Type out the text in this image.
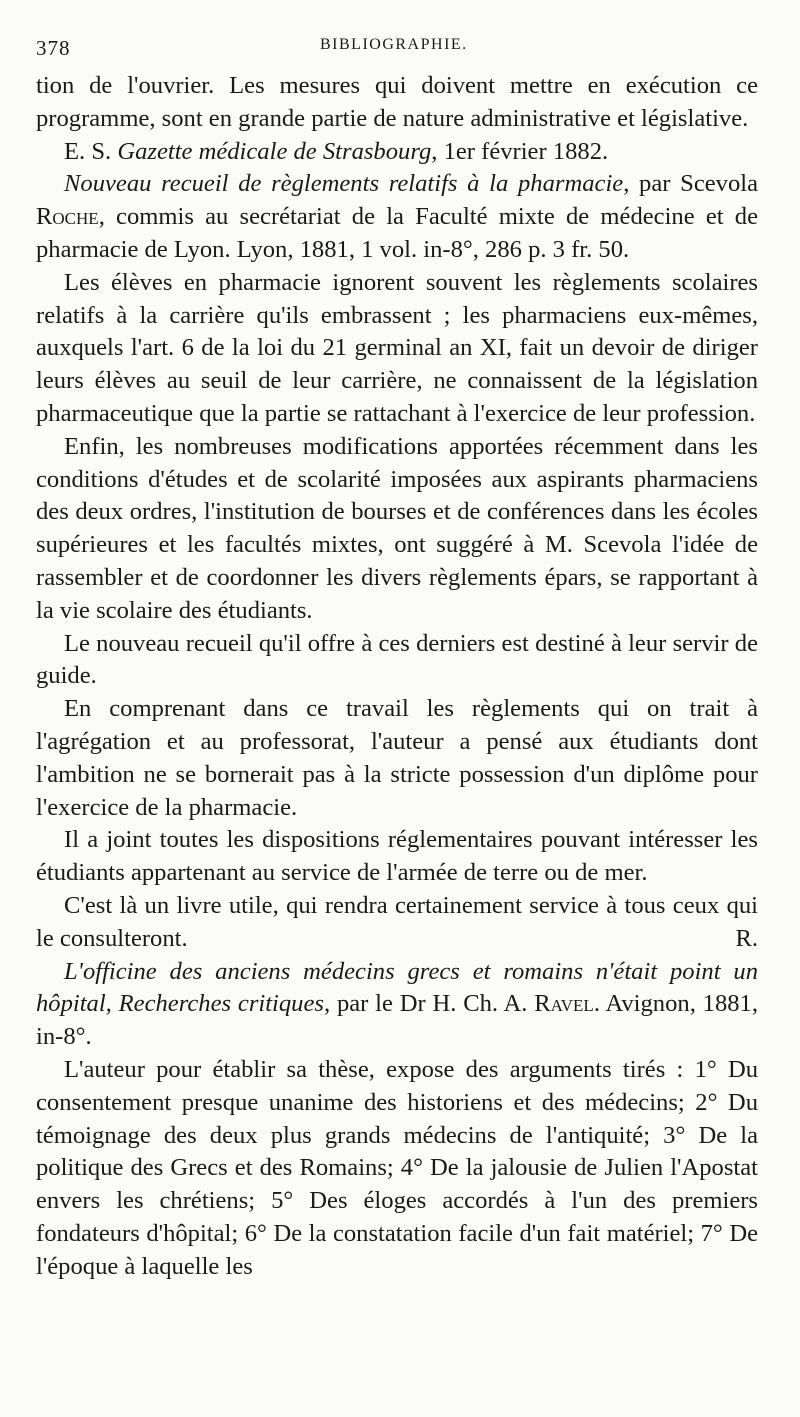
378	BIBLIOGRAPHIE.

tion de l'ouvrier. Les mesures qui doivent mettre en exécution ce programme, sont en grande partie de nature administrative et législative.

E. S. Gazette médicale de Strasbourg, 1er février 1882.

Nouveau recueil de règlements relatifs à la pharmacie, par Scevola Roche, commis au secrétariat de la Faculté mixte de médecine et de pharmacie de Lyon. Lyon, 1881, 1 vol. in-8°, 286 p. 3 fr. 50.

Les élèves en pharmacie ignorent souvent les règlements scolaires relatifs à la carrière qu'ils embrassent ; les pharmaciens eux-mêmes, auxquels l'art. 6 de la loi du 21 germinal an XI, fait un devoir de diriger leurs élèves au seuil de leur carrière, ne connaissent de la législation pharmaceutique que la partie se rattachant à l'exercice de leur profession.

Enfin, les nombreuses modifications apportées récemment dans les conditions d'études et de scolarité imposées aux aspirants pharmaciens des deux ordres, l'institution de bourses et de conférences dans les écoles supérieures et les facultés mixtes, ont suggéré à M. Scevola l'idée de rassembler et de coordonner les divers règlements épars, se rapportant à la vie scolaire des étudiants.

Le nouveau recueil qu'il offre à ces derniers est destiné à leur servir de guide.

En comprenant dans ce travail les règlements qui on trait à l'agrégation et au professorat, l'auteur a pensé aux étudiants dont l'ambition ne se bornerait pas à la stricte possession d'un diplôme pour l'exercice de la pharmacie.

Il a joint toutes les dispositions réglementaires pouvant intéresser les étudiants appartenant au service de l'armée de terre ou de mer.

C'est là un livre utile, qui rendra certainement service à tous ceux qui le consulteront.	R.

L'officine des anciens médecins grecs et romains n'était point un hôpital, Recherches critiques, par le Dr H. Ch. A. Ravel. Avignon, 1881, in-8°.

L'auteur pour établir sa thèse, expose des arguments tirés : 1° Du consentement presque unanime des historiens et des médecins; 2° Du témoignage des deux plus grands médecins de l'antiquité; 3° De la politique des Grecs et des Romains; 4° De la jalousie de Julien l'Apostat envers les chrétiens; 5° Des éloges accordés à l'un des premiers fondateurs d'hôpital; 6° De la constatation facile d'un fait matériel; 7° De l'époque à laquelle les
